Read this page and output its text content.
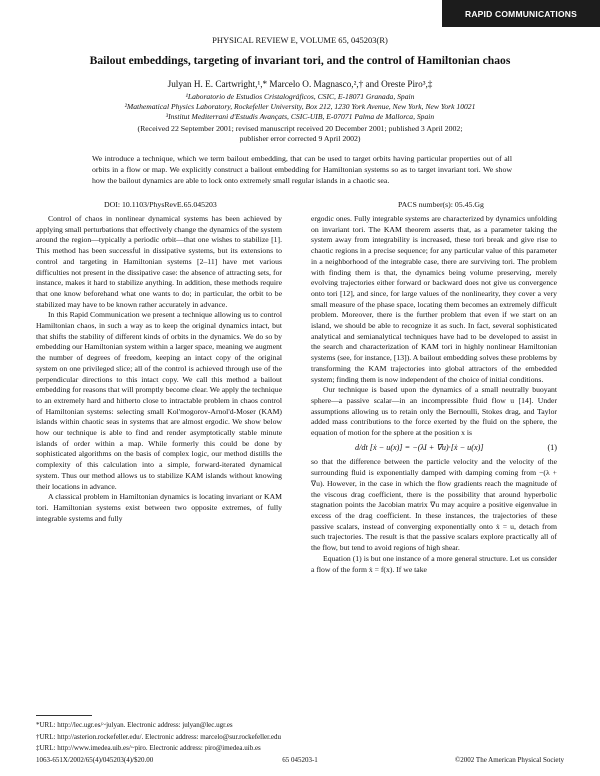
RAPID COMMUNICATIONS
PHYSICAL REVIEW E, VOLUME 65, 045203(R)
Bailout embeddings, targeting of invariant tori, and the control of Hamiltonian chaos
Julyan H. E. Cartwright,¹,* Marcelo O. Magnasco,²,† and Oreste Piro³,‡
¹Laboratorio de Estudios Cristalográficos, CSIC, E-18071 Granada, Spain
²Mathematical Physics Laboratory, Rockefeller University, Box 212, 1230 York Avenue, New York, New York 10021
³Institut Mediterrani d'Estudis Avançats, CSIC-UIB, E-07071 Palma de Mallorca, Spain
(Received 22 September 2001; revised manuscript received 20 December 2001; published 3 April 2002;
publisher error corrected 9 April 2002)

We introduce a technique, which we term bailout embedding, that can be used to target orbits having particular properties out of all orbits in a flow or map. We explicitly construct a bailout embedding for Hamiltonian systems so as to target invariant tori. We show how the bailout dynamics are able to lock onto extremely small regular islands in a chaotic sea.

DOI: 10.1103/PhysRevE.65.045203	PACS number(s): 05.45.Gg

Control of chaos in nonlinear dynamical systems has been achieved by applying small perturbations that effectively change the dynamics of the system around the region—typically a periodic orbit—that one wishes to stabilize [1]. This method has been successful in dissipative systems, but its extensions to control and targeting in Hamiltonian systems [2–11] have met various difficulties not present in the dissipative case: the absence of attracting sets, for instance, makes it hard to stabilize anything. In addition, these methods require that one know beforehand what one wants to do; in particular, the orbit to be stabilized may have to be known rather accurately in advance.

In this Rapid Communication we present a technique allowing us to control Hamiltonian chaos, in such a way as to keep the original dynamics intact, but that shifts the stability of different kinds of orbits in the dynamics. We do so by embedding our Hamiltonian system within a larger space, meaning we augment the number of degrees of freedom, keeping an intact copy of the original system on one privileged slice; all of the control is achieved through use of the perpendicular directions to this intact copy. We call this method a bailout embedding for reasons that will promptly become clear. We apply the technique to an extremely hard and hitherto close to intractable problem in chaos control of Hamiltonian systems: selecting small Kol'mogorov-Arnol'd-Moser (KAM) islands within chaotic seas in systems that are almost ergodic. We show below how our technique is able to find and render asymptotically stable minute islands of order within a map. While formerly this could be done by sophisticated algorithms on the basis of complex logic, our method distills the complexity of this calculation into a simple, forward-iterated dynamical system. Thus our method allows us to stabilize KAM islands without knowing their locations in advance.

A classical problem in Hamiltonian dynamics is locating invariant or KAM tori. Hamiltonian systems exist between two opposite extremes, of fully integrable systems and fully

ergodic ones. Fully integrable systems are characterized by dynamics unfolding on invariant tori. The KAM theorem asserts that, as a parameter taking the system away from integrability is increased, these tori break and give rise to chaotic regions in a precise sequence; for any particular value of this parameter in a neighborhood of the integrable case, there are surviving tori. The problem with finding them is that, the dynamics being volume preserving, merely evolving trajectories either forward or backward does not give us convergence onto tori [12], and since, for large values of the nonlinearity, they cover a very small measure of the phase space, locating them becomes an extremely difficult problem. Moreover, there is the further problem that even if we start on an island, we should be able to recognize it as such. In fact, several sophisticated analytical and semianalytical techniques have had to be developed to assist in the search and characterization of KAM tori in highly nonlinear Hamiltonian systems (see, for instance, [13]). A bailout embedding solves these problems by transforming the KAM trajectories into global attractors of the embedded system; finding them is now independent of the choice of initial conditions.

Our technique is based upon the dynamics of a small neutrally buoyant sphere—a passive scalar—in an incompressible fluid flow u [14]. Under assumptions allowing us to retain only the Bernoulli, Stokes drag, and Taylor added mass contributions to the force exerted by the fluid on the sphere, the equation of motion for the sphere at the position x is

d/dt [ẋ − u(x)] = −(λI + ∇u)·[ẋ − u(x)]	(1)

so that the difference between the particle velocity and the velocity of the surrounding fluid is exponentially damped with damping coming from −(λ + ∇u). However, in the case in which the flow gradients reach the magnitude of the viscous drag coefficient, there is the possibility that around hyperbolic stagnation points the Jacobian matrix ∇u may acquire a positive eigenvalue in excess of the drag coefficient. In these instances, the trajectories of these passive scalars, instead of converging exponentially onto ẋ = u, detach from such trajectories. The result is that the passive scalars explore practically all of the flow, but tend to avoid regions of high shear.

Equation (1) is but one instance of a more general structure. Let us consider a flow of the form ẋ = f(x). If we take

*URL: http://lec.ugr.es/~julyan. Electronic address: julyan@lec.ugr.es
†URL: http://asterion.rockefeller.edu/. Electronic address: marcelo@sur.rockefeller.edu
‡URL: http://www.imedea.uib.es/~piro. Electronic address: piro@imedea.uib.es
1063-651X/2002/65(4)/045203(4)/$20.00	65 045203-1	©2002 The American Physical Society
